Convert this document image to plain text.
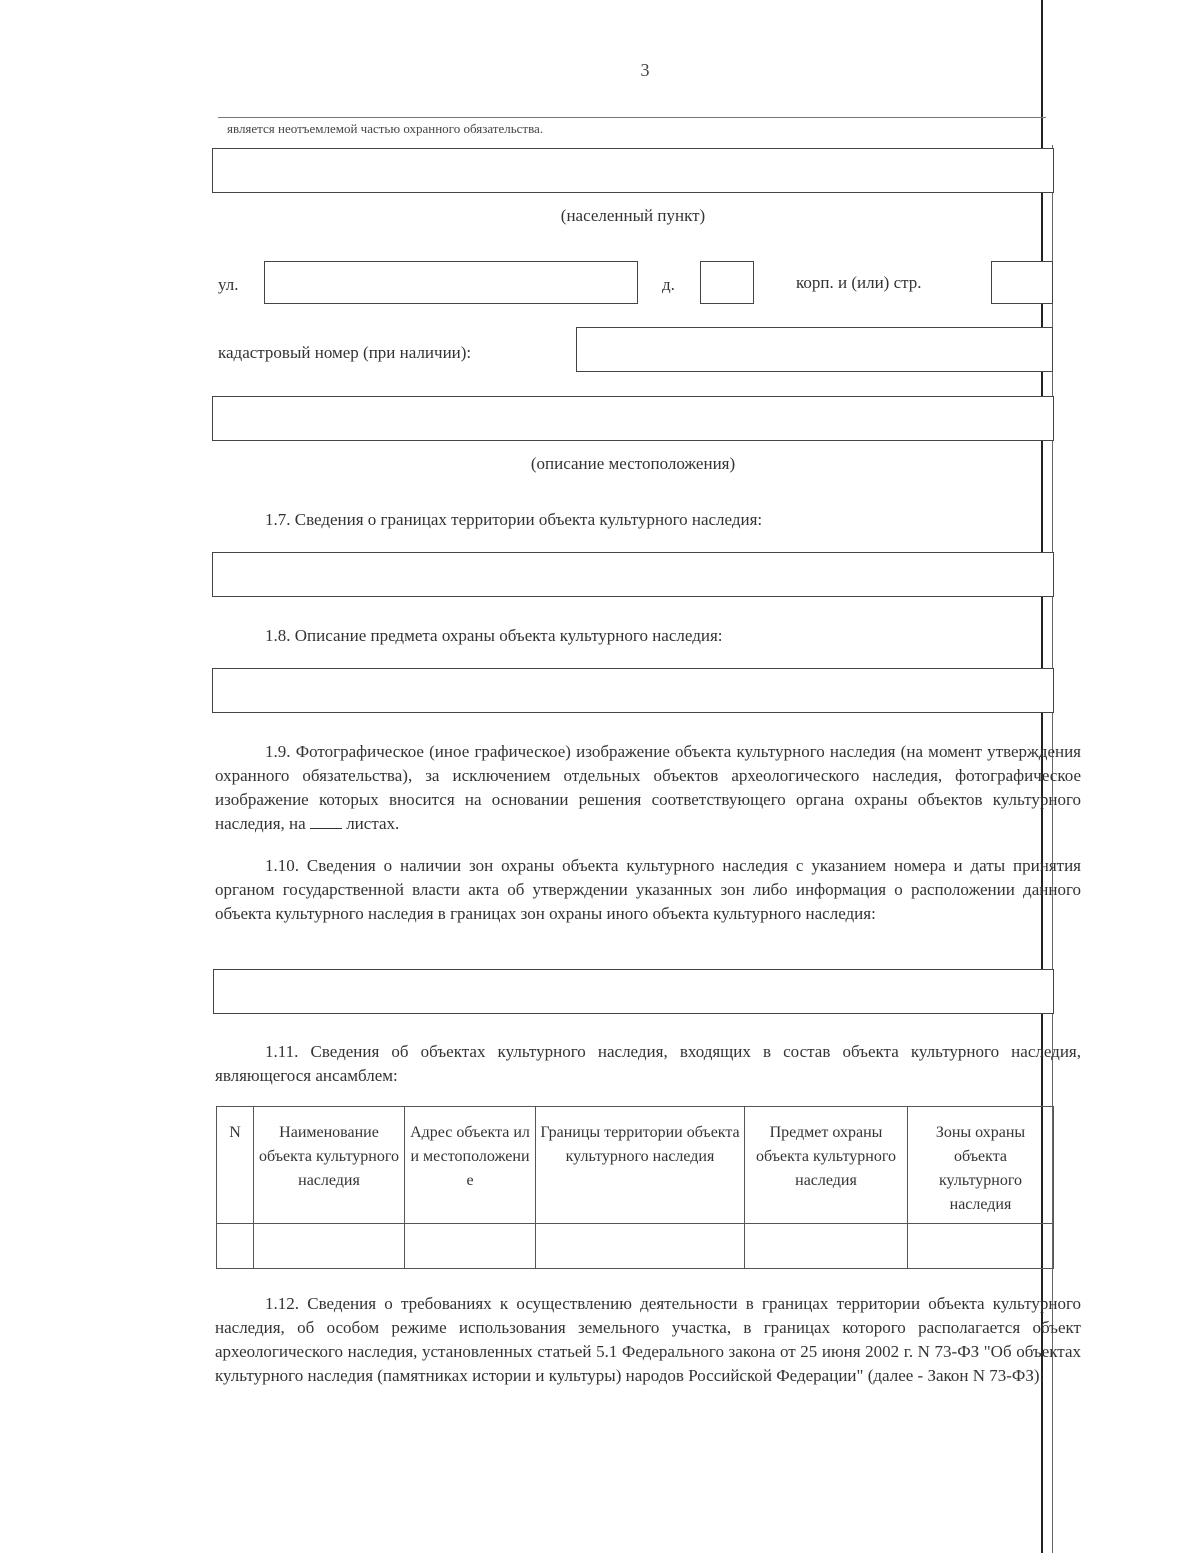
3
является неотъемлемой частью охранного обязательства.
(населенный пункт)
ул.	д.	корп. и (или) стр.
кадастровый номер (при наличии):
(описание местоположения)
1.7. Сведения о границах территории объекта культурного наследия:
1.8. Описание предмета охраны объекта культурного наследия:
1.9. Фотографическое (иное графическое) изображение объекта культурного наследия (на момент утверждения охранного обязательства), за исключением отдельных объектов археологического наследия, фотографическое изображение которых вносится на основании решения соответствующего органа охраны объектов культурного наследия, на листах.
1.10. Сведения о наличии зон охраны объекта культурного наследия с указанием номера и даты принятия органом государственной власти акта об утверждении указанных зон либо информация о расположении данного объекта культурного наследия в границах зон охраны иного объекта культурного наследия:
1.11. Сведения об объектах культурного наследия, входящих в состав объекта культурного наследия, являющегося ансамблем:
N	Наименование объекта культурного наследия	Адрес объекта или местоположение	Границы территории объекта культурного наследия	Предмет охраны объекта культурного наследия	Зоны охраны объекта культурного наследия

1.12. Сведения о требованиях к осуществлению деятельности в границах территории объекта культурного наследия, об особом режиме использования земельного участка, в границах которого располагается объект археологического наследия, установленных статьей 5.1 Федерального закона от 25 июня 2002 г. N 73-ФЗ "Об объектах культурного наследия (памятниках истории и культуры) народов Российской Федерации" (далее - Закон N 73-ФЗ):
